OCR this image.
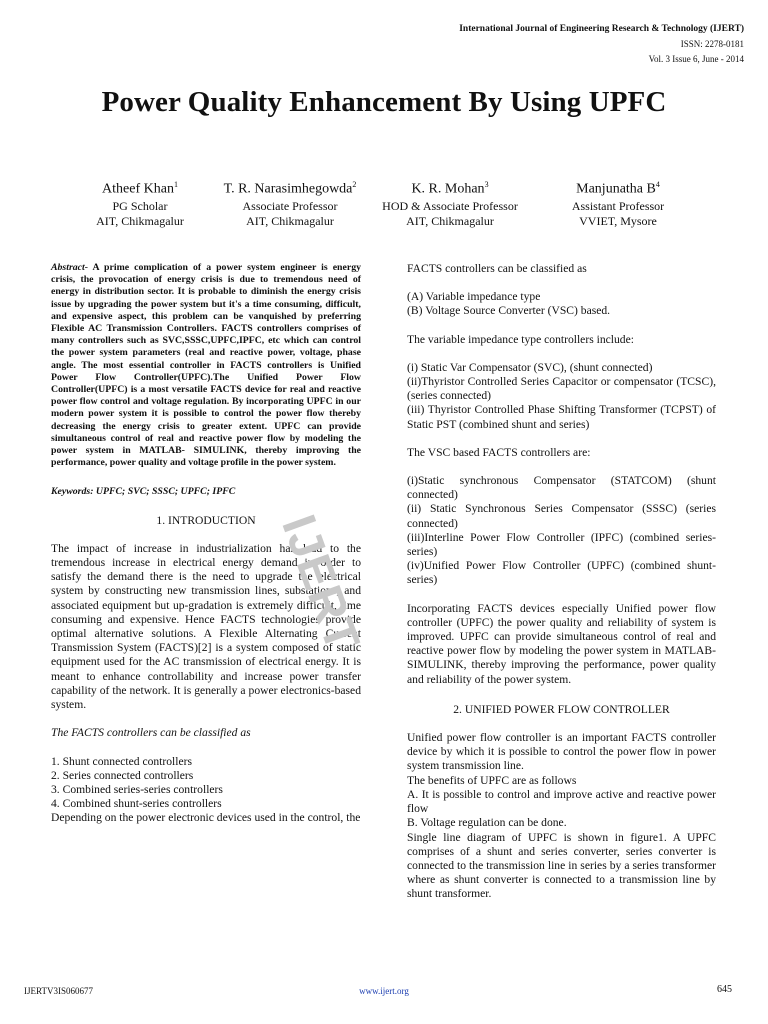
International Journal of Engineering Research & Technology (IJERT)
ISSN: 2278-0181
Vol. 3 Issue 6, June - 2014
Power Quality Enhancement By Using UPFC
Atheef Khan$^1$
PG Scholar
AIT, Chikmagalur
T. R. Narasimhegowda$^2$
Associate Professor
AIT, Chikmagalur
K. R. Mohan$^3$
HOD & Associate Professor
AIT, Chikmagalur
Manjunatha $B^4$
Assistant Professor
VVIET, Mysore

Abstract- A prime complication of a power system engineer is energy crisis, the provocation of energy crisis is due to tremendous need of energy in distribution sector. It is probable to diminish the energy crisis issue by upgrading the power system but it's a time consuming, difficult, and expensive aspect, this problem can be vanquished by preferring Flexible AC Transmission Controllers. FACTS controllers comprises of many controllers such as SVC,SSSC,UPFC,IPFC, etc which can control the power system parameters (real and reactive power, voltage, phase angle. The most essential controller in FACTS controllers is Unified Power Flow Controller(UPFC).The Unified Power Flow Controller(UPFC) is a most versatile FACTS device for real and reactive power flow control and voltage regulation. By incorporating UPFC in our modern power system it is possible to control the power flow thereby decreasing the energy crisis to greater extent. UPFC can provide simultaneous control of real and reactive power flow by modeling the power system in MATLAB- SIMULINK, thereby improving the performance, power quality and voltage profile in the power system.

Keywords: UPFC; SVC; SSSC; UPFC; IPFC

1. INTRODUCTION

The impact of increase in industrialization has lead to the tremendous increase in electrical energy demand in order to satisfy the demand there is the need to upgrade the electrical system by constructing new transmission lines, substations, and associated equipment but up-gradation is extremely difficult, time consuming and expensive. Hence FACTS technologies provide optimal alternative solutions. A Flexible Alternating Current Transmission System (FACTS)[2] is a system composed of static equipment used for the AC transmission of electrical energy. It is meant to enhance controllability and increase power transfer capability of the network. It is generally a power electronics-based system.

The FACTS controllers can be classified as

1. Shunt connected controllers

2. Series connected controllers

3. Combined series-series controllers

4. Combined shunt-series controllers

Depending on the power electronic devices used in the control, the

FACTS controllers can be classified as

(A) Variable impedance type

(B) Voltage Source Converter (VSC) based.

The variable impedance type controllers include:

(i) Static Var Compensator (SVC), (shunt connected)

(ii)Thyristor Controlled Series Capacitor or compensator (TCSC), (series connected)

(iii) Thyristor Controlled Phase Shifting Transformer (TCPST) of Static PST (combined shunt and series)

The VSC based FACTS controllers are:

(i)Static synchronous Compensator (STATCOM) (shunt connected)

(ii) Static Synchronous Series Compensator (SSSC) (series connected)

(iii)Interline Power Flow Controller (IPFC) (combined series-series)

(iv)Unified Power Flow Controller (UPFC) (combined shunt-series)

Incorporating FACTS devices especially Unified power flow controller (UPFC) the power quality and reliability of system is improved. UPFC can provide simultaneous control of real and reactive power flow by modeling the power system in MATLAB- SIMULINK, thereby improving the performance, power quality and reliability of the power system.

2. UNIFIED POWER FLOW CONTROLLER

Unified power flow controller is an important FACTS controller device by which it is possible to control the power flow in power system transmission line.

The benefits of UPFC are as follows

A. It is possible to control and improve active and reactive power flow

B. Voltage regulation can be done.

Single line diagram of UPFC is shown in figure1. A UPFC comprises of a shunt and series converter, series converter is connected to the transmission line in series by a series transformer where as shunt converter is connected to a transmission line by shunt transformer.

IJERT
IJERTV3IS060677	www.ijert.org	645
